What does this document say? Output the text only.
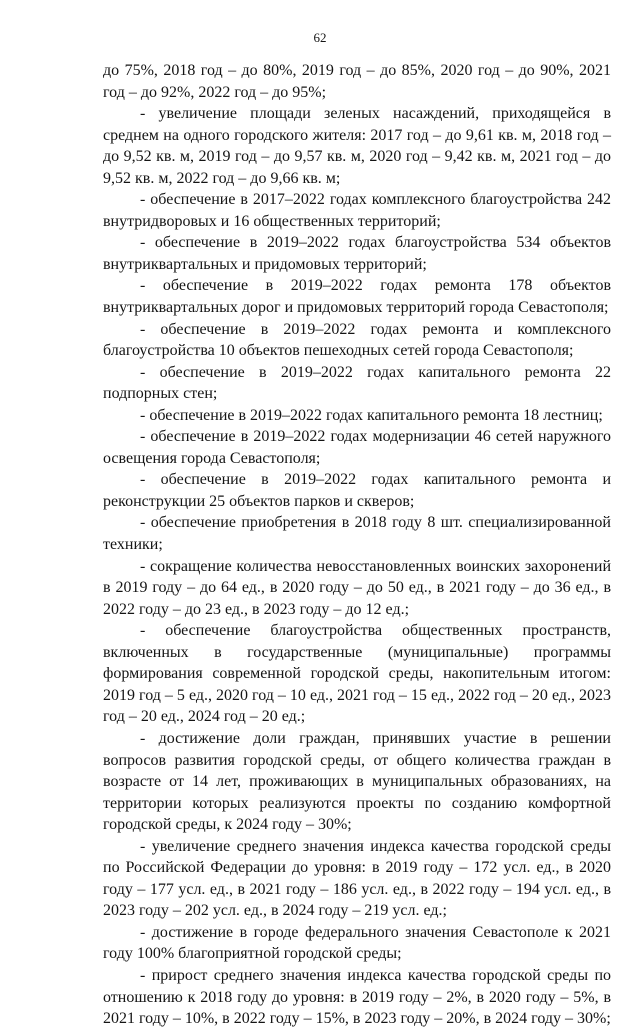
62

до 75%, 2018 год – до 80%, 2019 год – до 85%, 2020 год – до 90%, 2021 год – до 92%, 2022 год – до 95%;

- увеличение площади зеленых насаждений, приходящейся в среднем на одного городского жителя: 2017 год – до 9,61 кв. м, 2018 год – до 9,52 кв. м, 2019 год – до 9,57 кв. м, 2020 год – 9,42 кв. м, 2021 год – до 9,52 кв. м, 2022 год – до 9,66 кв. м;

- обеспечение в 2017–2022 годах комплексного благоустройства 242 внутридворовых и 16 общественных территорий;

- обеспечение в 2019–2022 годах благоустройства 534 объектов внутриквартальных и придомовых территорий;

- обеспечение в 2019–2022 годах ремонта 178 объектов внутриквартальных дорог и придомовых территорий города Севастополя;

- обеспечение в 2019–2022 годах ремонта и комплексного благоустройства 10 объектов пешеходных сетей города Севастополя;

- обеспечение в 2019–2022 годах капитального ремонта 22 подпорных стен;

- обеспечение в 2019–2022 годах капитального ремонта 18 лестниц;

- обеспечение в 2019–2022 годах модернизации 46 сетей наружного освещения города Севастополя;

- обеспечение в 2019–2022 годах капитального ремонта и реконструкции 25 объектов парков и скверов;

- обеспечение приобретения в 2018 году 8 шт. специализированной техники;

- сокращение количества невосстановленных воинских захоронений в 2019 году – до 64 ед., в 2020 году – до 50 ед., в 2021 году – до 36 ед., в 2022 году – до 23 ед., в 2023 году – до 12 ед.;

- обеспечение благоустройства общественных пространств, включенных в государственные (муниципальные) программы формирования современной городской среды, накопительным итогом: 2019 год – 5 ед., 2020 год – 10 ед., 2021 год – 15 ед., 2022 год – 20 ед., 2023 год – 20 ед., 2024 год – 20 ед.;

- достижение доли граждан, принявших участие в решении вопросов развития городской среды, от общего количества граждан в возрасте от 14 лет, проживающих в муниципальных образованиях, на территории которых реализуются проекты по созданию комфортной городской среды, к 2024 году – 30%;

- увеличение среднего значения индекса качества городской среды по Российской Федерации до уровня: в 2019 году – 172 усл. ед., в 2020 году – 177 усл. ед., в 2021 году – 186 усл. ед., в 2022 году – 194 усл. ед., в 2023 году – 202 усл. ед., в 2024 году – 219 усл. ед.;

- достижение в городе федерального значения Севастополе к 2021 году 100% благоприятной городской среды;

- прирост среднего значения индекса качества городской среды по отношению к 2018 году до уровня: в 2019 году – 2%, в 2020 году – 5%, в 2021 году – 10%, в 2022 году – 15%, в 2023 году – 20%, в 2024 году – 30%;
